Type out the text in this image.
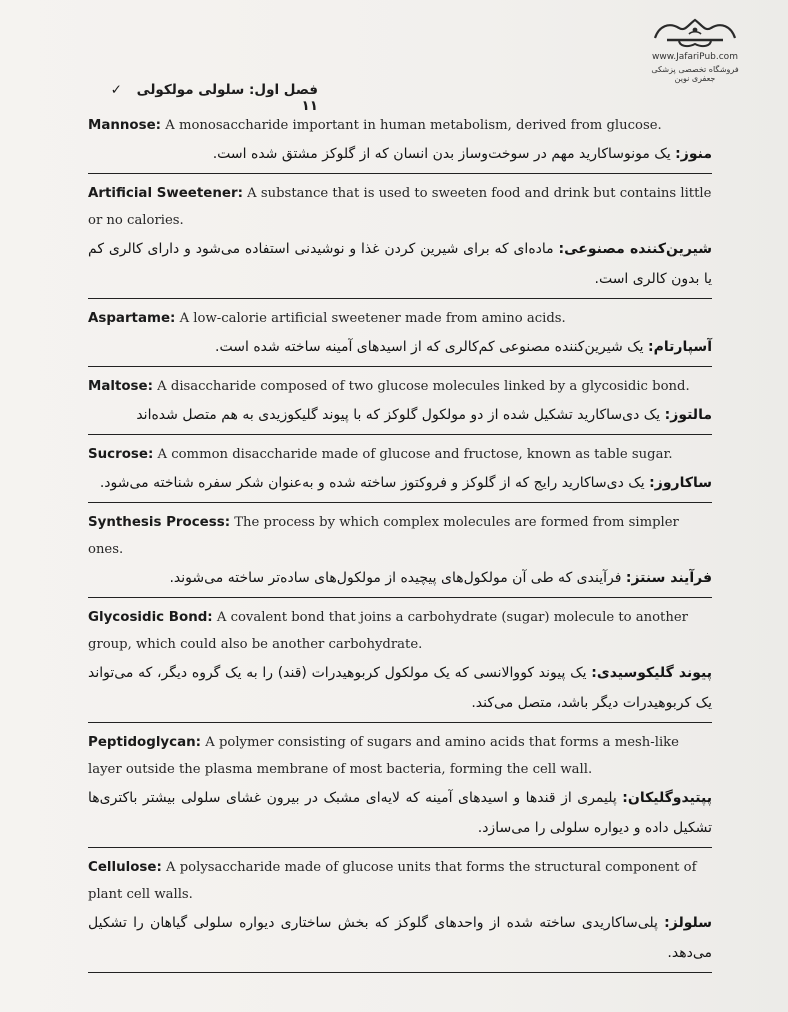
www.JafariPub.com
فروشگاه تخصصی پزشکی جعفری نوین
فصل اول: سلولی مولکولی ✓ ۱۱
Mannose: A monosaccharide important in human metabolism, derived from glucose.
منوز: یک مونوساکارید مهم در سوخت‌وساز بدن انسان که از گلوکز مشتق شده است.
Artificial Sweetener: A substance that is used to sweeten food and drink but contains little or no calories.
شیرین‌کننده مصنوعی: ماده‌ای که برای شیرین کردن غذا و نوشیدنی استفاده می‌شود و دارای کالری کم یا بدون کالری است.
Aspartame: A low-calorie artificial sweetener made from amino acids.
آسپارتام: یک شیرین‌کننده مصنوعی کم‌کالری که از اسیدهای آمینه ساخته شده است.
Maltose: A disaccharide composed of two glucose molecules linked by a glycosidic bond.
مالتوز: یک دی‌ساکارید تشکیل شده از دو مولکول گلوکز که با پیوند گلیکوزیدی به هم متصل شده‌اند
Sucrose: A common disaccharide made of glucose and fructose, known as table sugar.
ساکاروز: یک دی‌ساکارید رایج که از گلوکز و فروکتوز ساخته شده و به‌عنوان شکر سفره شناخته می‌شود.
Synthesis Process: The process by which complex molecules are formed from simpler ones.
فرآیند سنتز: فرآیندی که طی آن مولکول‌های پیچیده از مولکول‌های ساده‌تر ساخته می‌شوند.
Glycosidic Bond: A covalent bond that joins a carbohydrate (sugar) molecule to another group, which could also be another carbohydrate.
پیوند گلیکوسیدی: یک پیوند کووالانسی که یک مولکول کربوهیدرات (قند) را به یک گروه دیگر، که می‌تواند یک کربوهیدرات دیگر باشد، متصل می‌کند.
Peptidoglycan: A polymer consisting of sugars and amino acids that forms a mesh-like layer outside the plasma membrane of most bacteria, forming the cell wall.
پپتیدوگلیکان: پلیمری از قندها و اسیدهای آمینه که لایه‌ای مشبک در بیرون غشای سلولی بیشتر باکتری‌ها تشکیل داده و دیواره سلولی را می‌سازد.
Cellulose: A polysaccharide made of glucose units that forms the structural component of plant cell walls.
سلولز: پلی‌ساکاریدی ساخته شده از واحدهای گلوکز که بخش ساختاری دیواره سلولی گیاهان را تشکیل می‌دهد.
